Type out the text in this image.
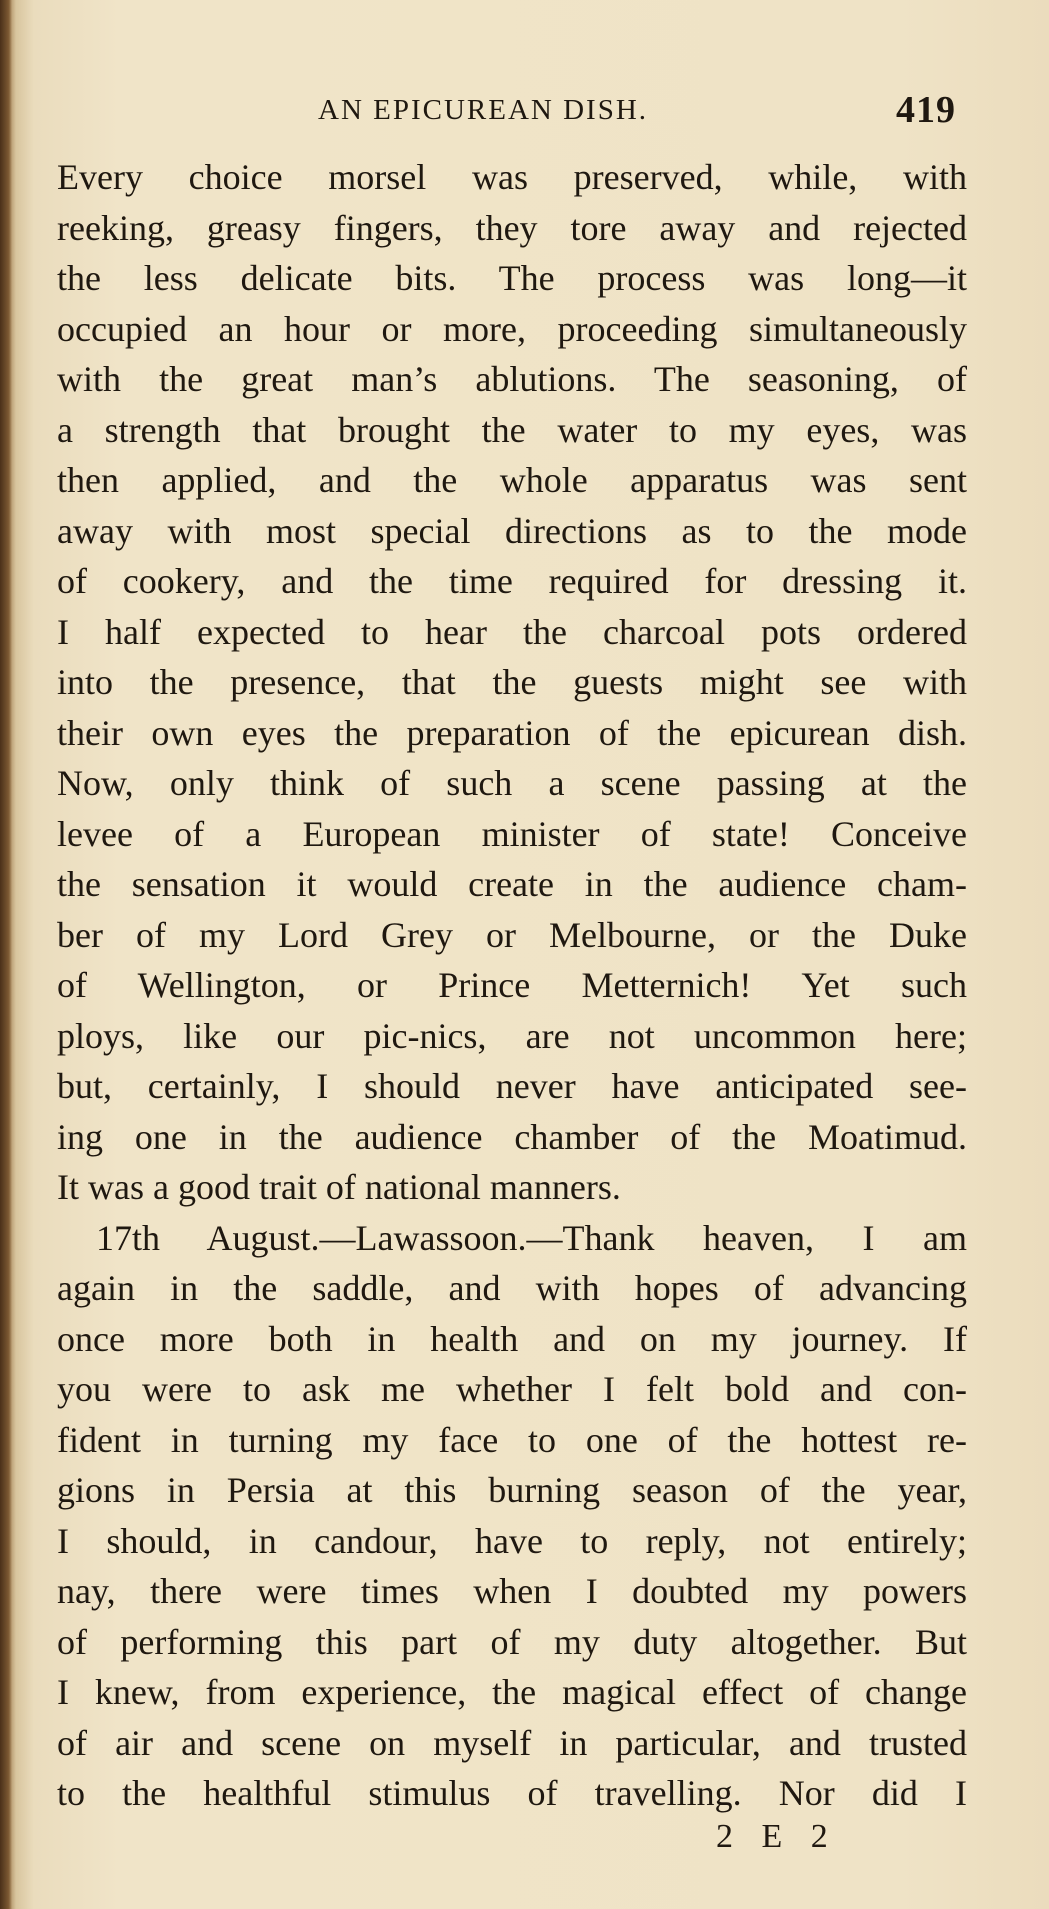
AN EPICUREAN DISH.	419
Every choice morsel was preserved, while, with
reeking, greasy fingers, they tore away and rejected
the less delicate bits. The process was long—it
occupied an hour or more, proceeding simultaneously
with the great man’s ablutions. The seasoning, of
a strength that brought the water to my eyes, was
then applied, and the whole apparatus was sent
away with most special directions as to the mode
of cookery, and the time required for dressing it.
I half expected to hear the charcoal pots ordered
into the presence, that the guests might see with
their own eyes the preparation of the epicurean dish.
Now, only think of such a scene passing at the
levee of a European minister of state! Conceive
the sensation it would create in the audience cham-
ber of my Lord Grey or Melbourne, or the Duke
of Wellington, or Prince Metternich! Yet such
ploys, like our pic-nics, are not uncommon here;
but, certainly, I should never have anticipated see-
ing one in the audience chamber of the Moatimud.
It was a good trait of national manners.
17th August.—Lawassoon.—Thank heaven, I am
again in the saddle, and with hopes of advancing
once more both in health and on my journey. If
you were to ask me whether I felt bold and con-
fident in turning my face to one of the hottest re-
gions in Persia at this burning season of the year,
I should, in candour, have to reply, not entirely;
nay, there were times when I doubted my powers
of performing this part of my duty altogether. But
I knew, from experience, the magical effect of change
of air and scene on myself in particular, and trusted
to the healthful stimulus of travelling. Nor did I
2 E 2
